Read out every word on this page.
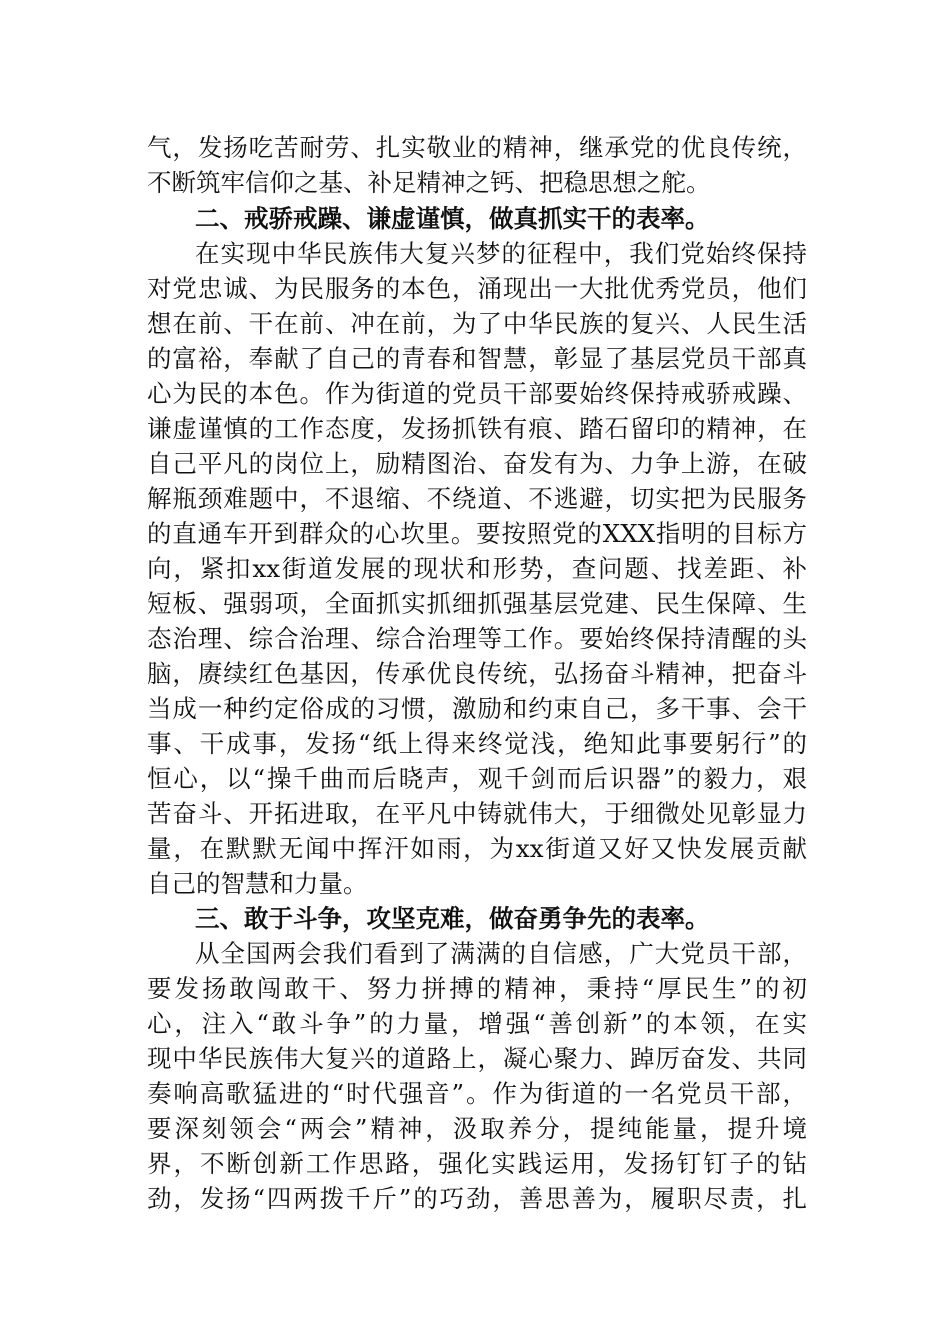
气，发扬吃苦耐劳、扎实敬业的精神，继承党的优良传统，
不断筑牢信仰之基、补足精神之钙、把稳思想之舵。
二、戒骄戒躁、谦虚谨慎，做真抓实干的表率。
在实现中华民族伟大复兴梦的征程中，我们党始终保持
对党忠诚、为民服务的本色，涌现出一大批优秀党员，他们
想在前、干在前、冲在前，为了中华民族的复兴、人民生活
的富裕，奉献了自己的青春和智慧，彰显了基层党员干部真
心为民的本色。作为街道的党员干部要始终保持戒骄戒躁、
谦虚谨慎的工作态度，发扬抓铁有痕、踏石留印的精神，在
自己平凡的岗位上，励精图治、奋发有为、力争上游，在破
解瓶颈难题中，不退缩、不绕道、不逃避，切实把为民服务
的直通车开到群众的心坎里。要按照党的XXX指明的目标方
向，紧扣xx街道发展的现状和形势，查问题、找差距、补
短板、强弱项，全面抓实抓细抓强基层党建、民生保障、生
态治理、综合治理、综合治理等工作。要始终保持清醒的头
脑，赓续红色基因，传承优良传统，弘扬奋斗精神，把奋斗
当成一种约定俗成的习惯，激励和约束自己，多干事、会干
事、干成事，发扬“纸上得来终觉浅，绝知此事要躬行”的
恒心，以“操千曲而后晓声，观千剑而后识器”的毅力，艰
苦奋斗、开拓进取，在平凡中铸就伟大，于细微处见彰显力
量，在默默无闻中挥汗如雨，为xx街道又好又快发展贡献
自己的智慧和力量。
三、敢于斗争，攻坚克难，做奋勇争先的表率。
从全国两会我们看到了满满的自信感，广大党员干部，
要发扬敢闯敢干、努力拼搏的精神，秉持“厚民生”的初
心，注入“敢斗争”的力量，增强“善创新”的本领，在实
现中华民族伟大复兴的道路上，凝心聚力、踔厉奋发、共同
奏响高歌猛进的“时代强音”。作为街道的一名党员干部，
要深刻领会“两会”精神，汲取养分，提纯能量，提升境
界，不断创新工作思路，强化实践运用，发扬钉钉子的钻
劲，发扬“四两拨千斤”的巧劲，善思善为，履职尽责，扎
